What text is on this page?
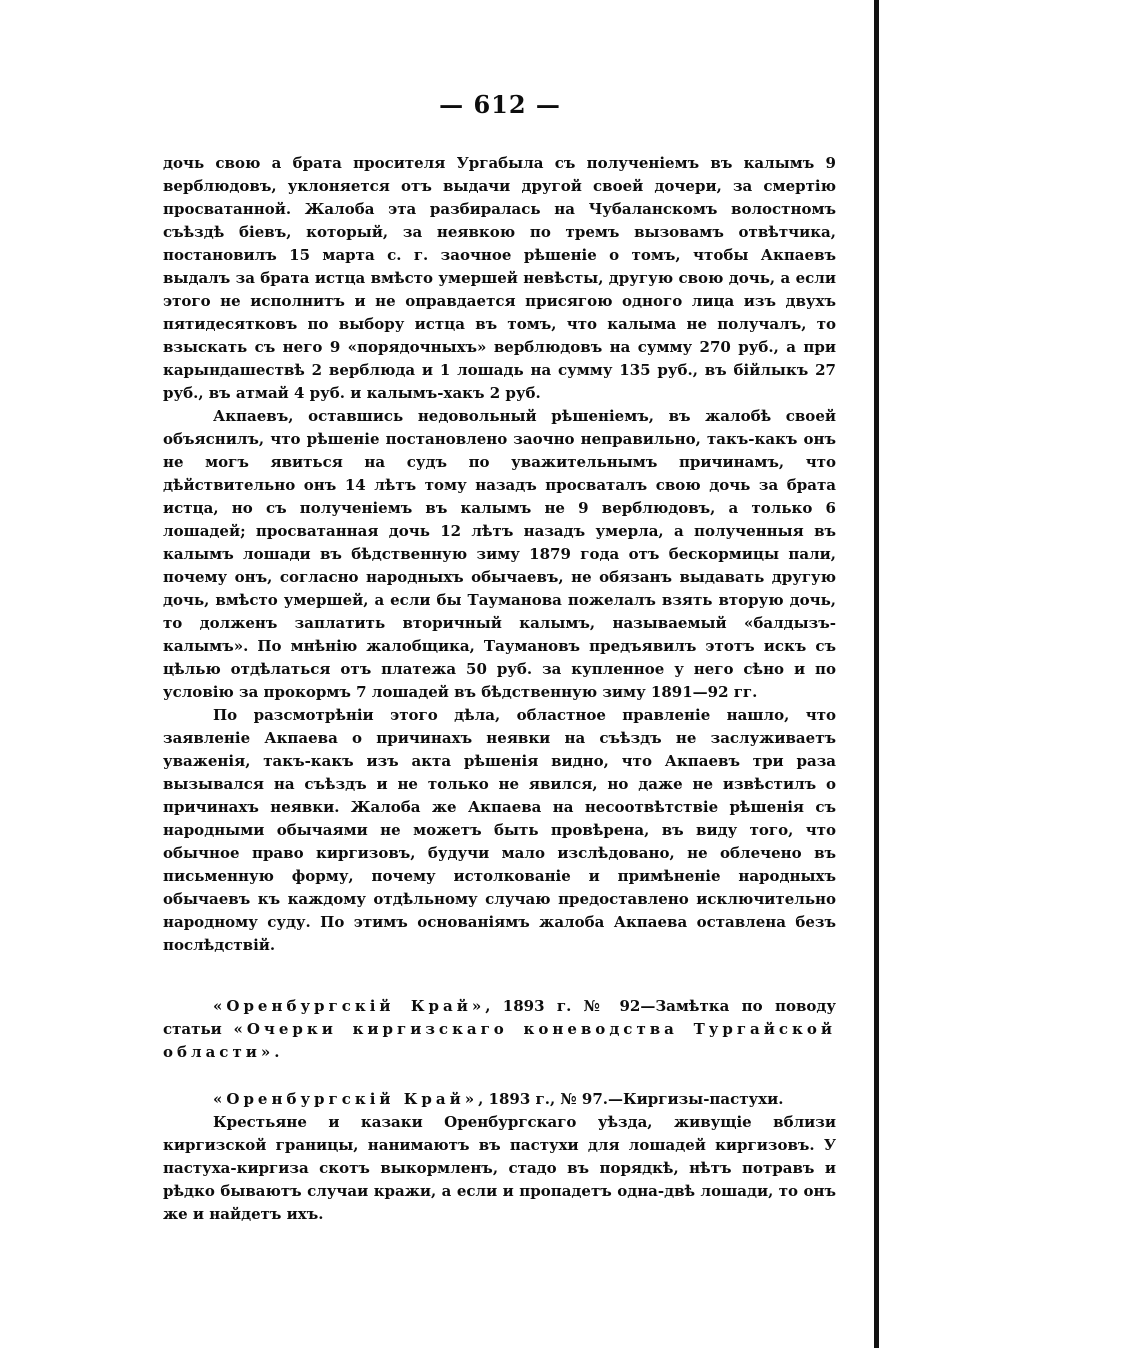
— 612 —

дочь свою а брата просителя Ургабыла съ полученіемъ въ калымъ 9 верблюдовъ, уклоняется отъ выдачи другой своей дочери, за смертію просватанной. Жалоба эта разбиралась на Чубаланскомъ волостномъ съѣздѣ біевъ, который, за неявкою по тремъ вызовамъ отвѣтчика, постановилъ 15 марта с. г. заочное рѣшеніе о томъ, чтобы Акпаевъ выдалъ за брата истца вмѣсто умершей невѣсты, другую свою дочь, а если этого не исполнитъ и не оправдается присягою одного лица изъ двухъ пятидесятковъ по выбору истца въ томъ, что калыма не получалъ, то взыскать съ него 9 «порядочныхъ» верблюдовъ на сумму 270 руб., а при карындашествѣ 2 верблюда и 1 лошадь на сумму 135 руб., въ бійлыкъ 27 руб., въ атмай 4 руб. и калымъ-хакъ 2 руб.

Акпаевъ, оставшись недовольный рѣшеніемъ, въ жалобѣ своей объяснилъ, что рѣшеніе постановлено заочно неправильно, такъ-какъ онъ не могъ явиться на судъ по уважительнымъ причинамъ, что дѣйствительно онъ 14 лѣтъ тому назадъ просваталъ свою дочь за брата истца, но съ полученіемъ въ калымъ не 9 верблюдовъ, а только 6 лошадей; просватанная дочь 12 лѣтъ назадъ умерла, а полученныя въ калымъ лошади въ бѣдственную зиму 1879 года отъ бескормицы пали, почему онъ, согласно народныхъ обычаевъ, не обязанъ выдавать другую дочь, вмѣсто умершей, а если бы Тауманова пожелалъ взять вторую дочь, то долженъ заплатить вторичный калымъ, называемый «балдызъ-калымъ». По мнѣнію жалобщика, Таумановъ предъявилъ этотъ искъ съ цѣлью отдѣлаться отъ платежа 50 руб. за купленное у него сѣно и по условію за прокормъ 7 лошадей въ бѣдственную зиму 1891—92 гг.

По разсмотрѣніи этого дѣла, областное правленіе нашло, что заявленіе Акпаева о причинахъ неявки на съѣздъ не заслуживаетъ уваженія, такъ-какъ изъ акта рѣшенія видно, что Акпаевъ три раза вызывался на съѣздъ и не только не явился, но даже не извѣстилъ о причинахъ неявки. Жалоба же Акпаева на несоотвѣтствіе рѣшенія съ народными обычаями не можетъ быть провѣрена, въ виду того, что обычное право киргизовъ, будучи мало изслѣдовано, не облечено въ письменную форму, почему истолкованіе и примѣненіе народныхъ обычаевъ къ каждому отдѣльному случаю предоставлено исключительно народному суду. По этимъ основаніямъ жалоба Акпаева оставлена безъ послѣдствій.

«Оренбургскій Край», 1893 г. № 92—Замѣтка по поводу статьи «Очерки киргизскаго коневодства Тургайской области».

«Оренбургскій Край», 1893 г., № 97.—Киргизы-пастухи.

Крестьяне и казаки Оренбургскаго уѣзда, живущіе вблизи киргизской границы, нанимаютъ въ пастухи для лошадей киргизовъ. У пастуха-киргиза скотъ выкормленъ, стадо въ порядкѣ, нѣтъ потравъ и рѣдко бываютъ случаи кражи, а если и пропадетъ одна-двѣ лошади, то онъ же и найдетъ ихъ.
